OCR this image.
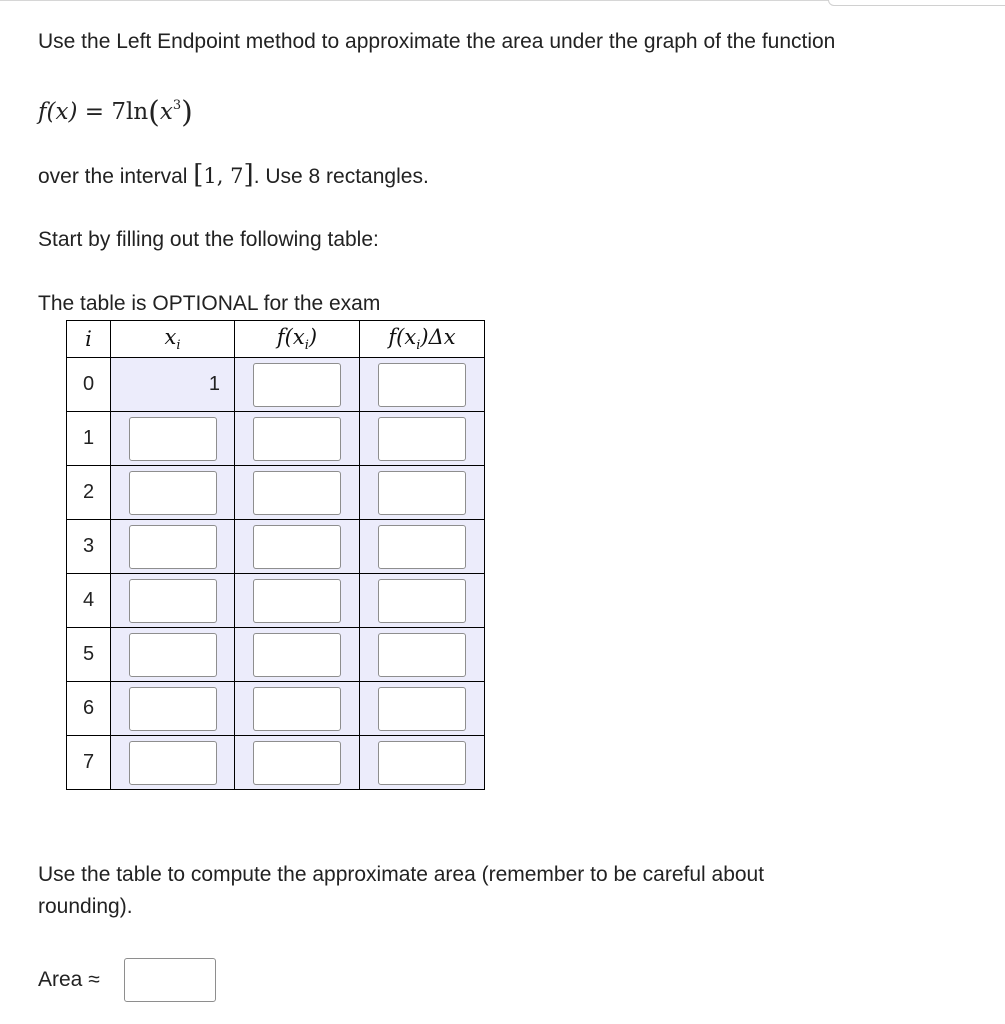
Use the Left Endpoint method to approximate the area under the graph of the function
$f(x) = 7\ln(x^3)$
over the interval [1, 7]. Use 8 rectangles.
Start by filling out the following table:
The table is OPTIONAL for the exam
i	$x_i$	$f(x_i)$	$f(x_i)\Delta x$
0	1	

1	

2	

3	

4	

5	

6	

7	

Use the table to compute the approximate area (remember to be careful about
rounding).
Area ≈
